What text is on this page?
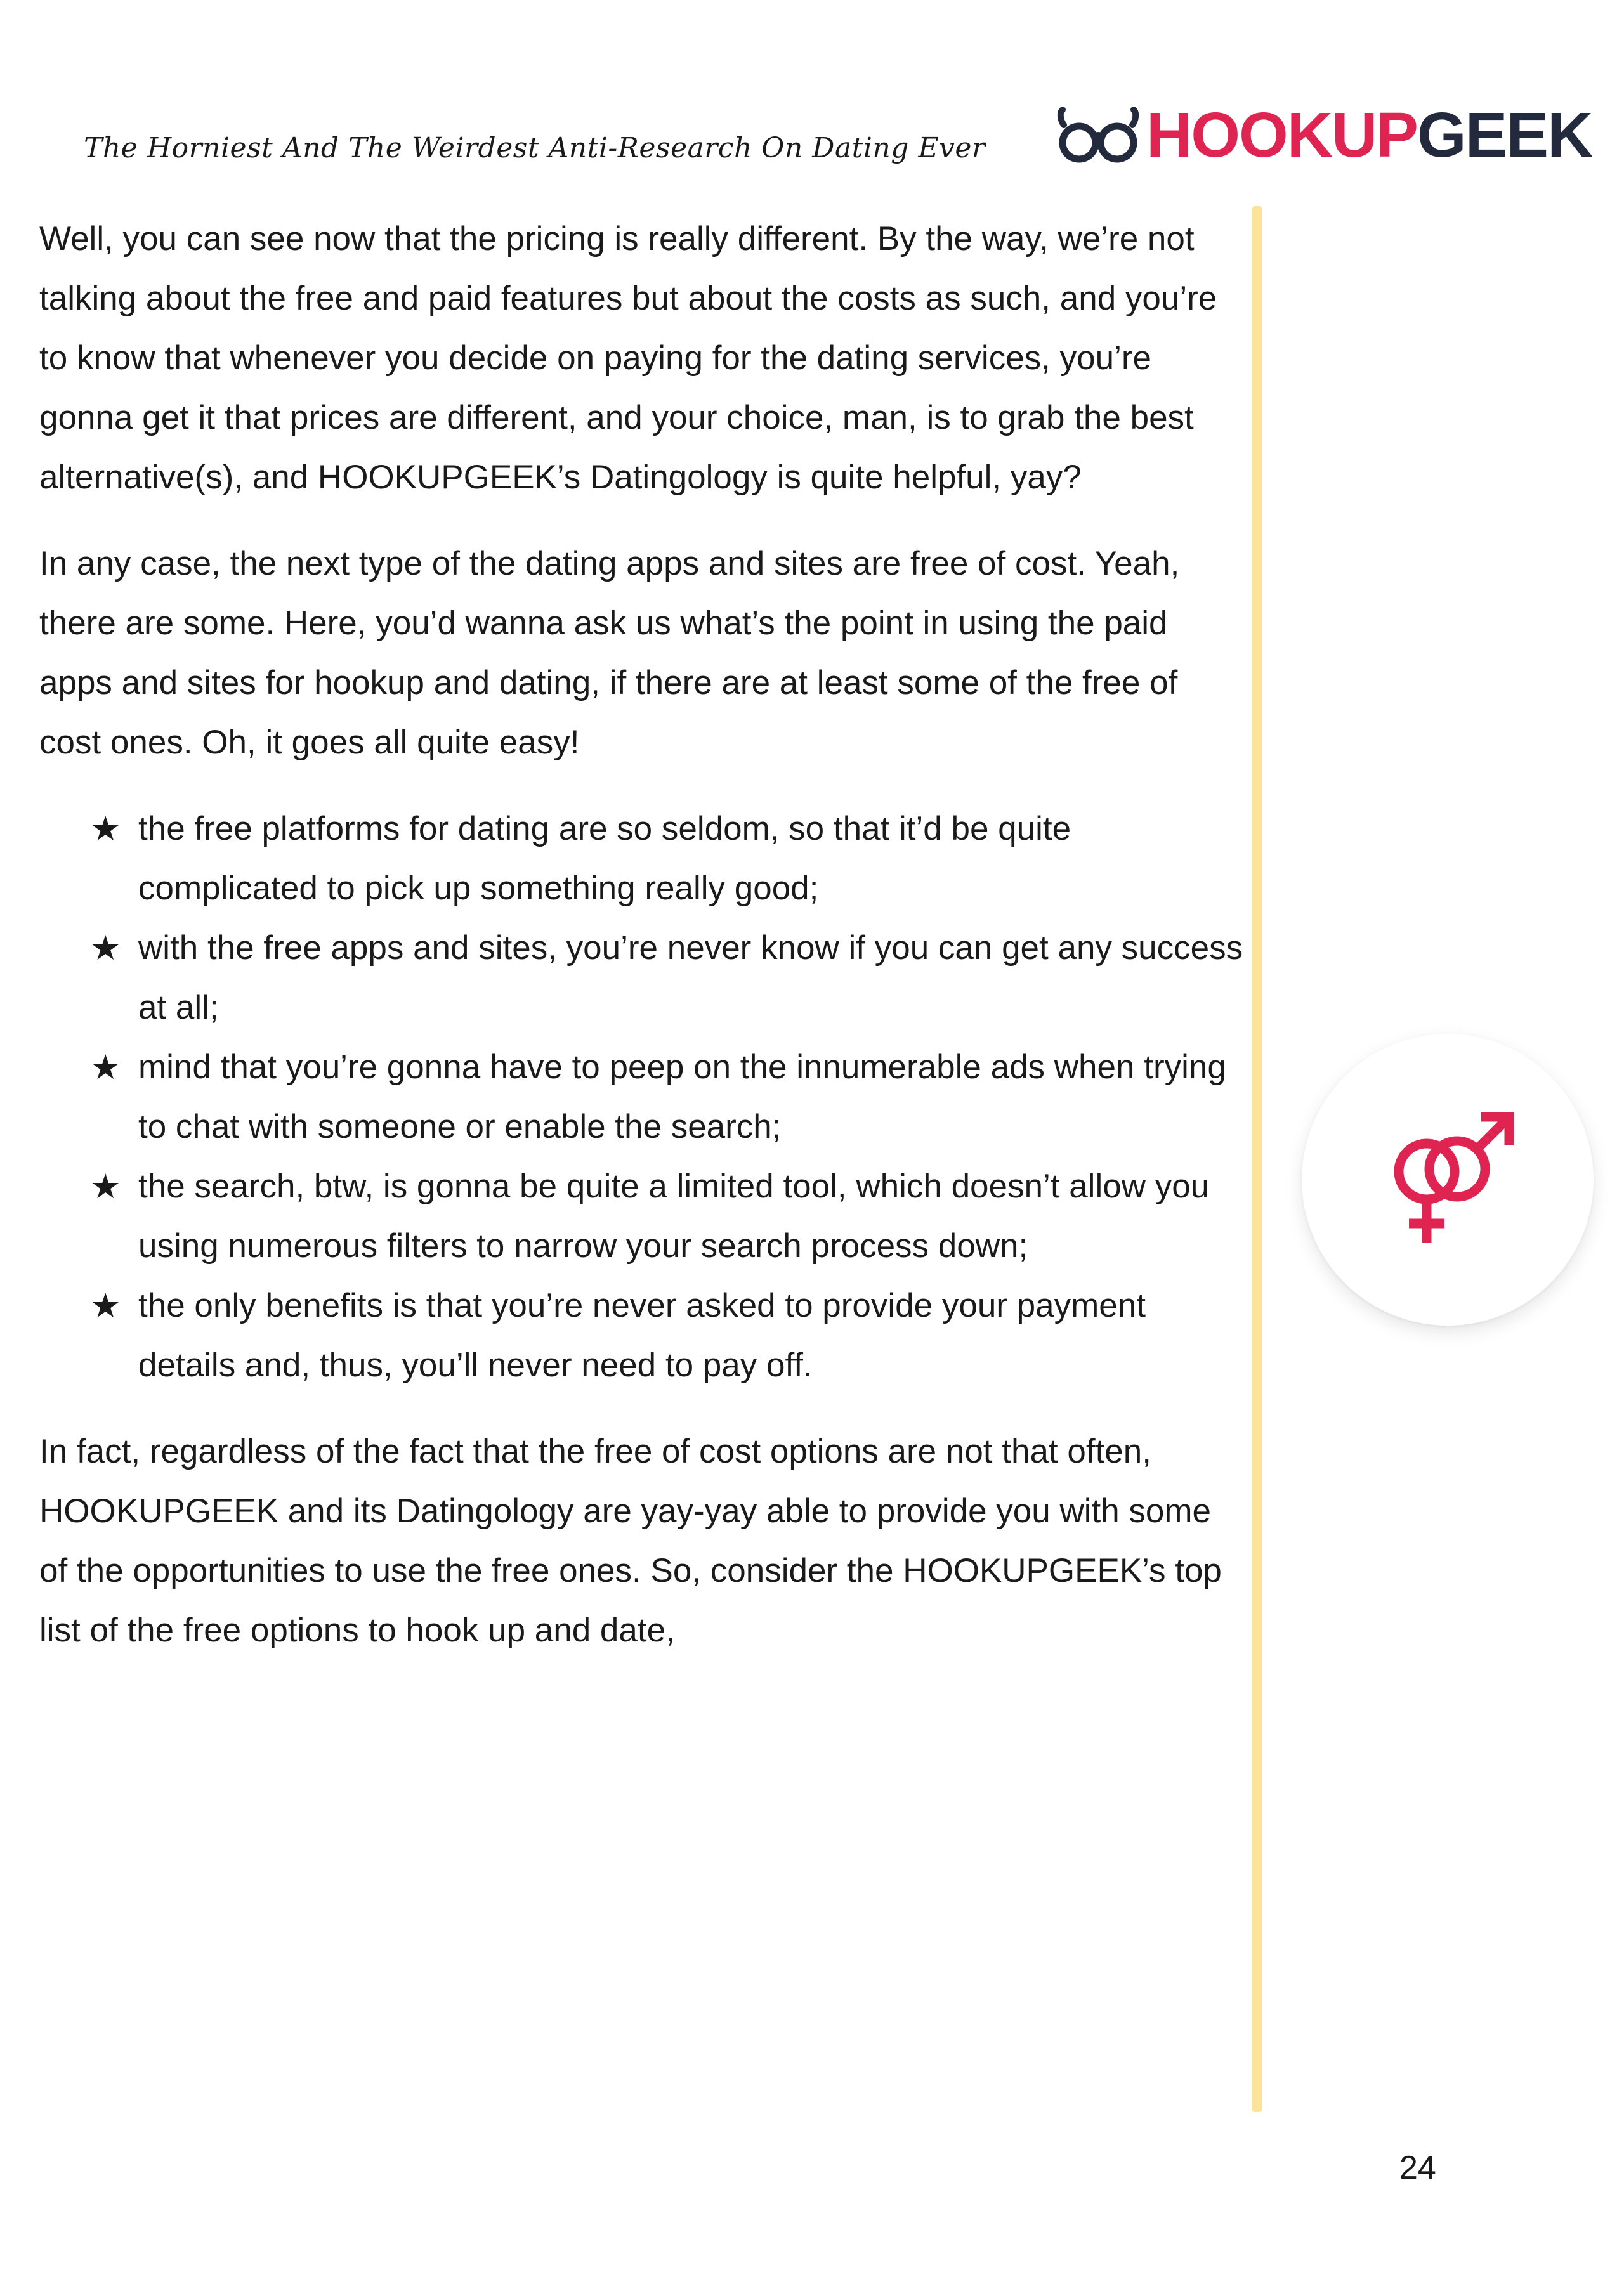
The Horniest And The Weirdest Anti-Research On Dating Ever	HOOKUP GEEK

Well, you can see now that the pricing is really different. By the way, we’re not talking about the free and paid features but about the costs as such, and you’re to know that whenever you decide on paying for the dating services, you’re gonna get it that prices are different, and your choice, man, is to grab the best alternative(s), and HOOKUPGEEK’s Datingology is quite helpful, yay?

In any case, the next type of the dating apps and sites are free of cost. Yeah, there are some. Here, you’d wanna ask us what’s the point in using the paid apps and sites for hookup and dating, if there are at least some of the free of cost ones. Oh, it goes all quite easy!

★ the free platforms for dating are so seldom, so that it’d be quite complicated to pick up something really good;
★ with the free apps and sites, you’re never know if you can get any success at all;
★ mind that you’re gonna have to peep on the innumerable ads when trying to chat with someone or enable the search;
★ the search, btw, is gonna be quite a limited tool, which doesn’t allow you using numerous filters to narrow your search process down;
★ the only benefits is that you’re never asked to provide your payment details and, thus, you’ll never need to pay off.

In fact, regardless of the fact that the free of cost options are not that often, HOOKUPGEEK and its Datingology are yay-yay able to provide you with some of the opportunities to use the free ones. So, consider the HOOKUPGEEK’s top list of the free options to hook up and date,

24
